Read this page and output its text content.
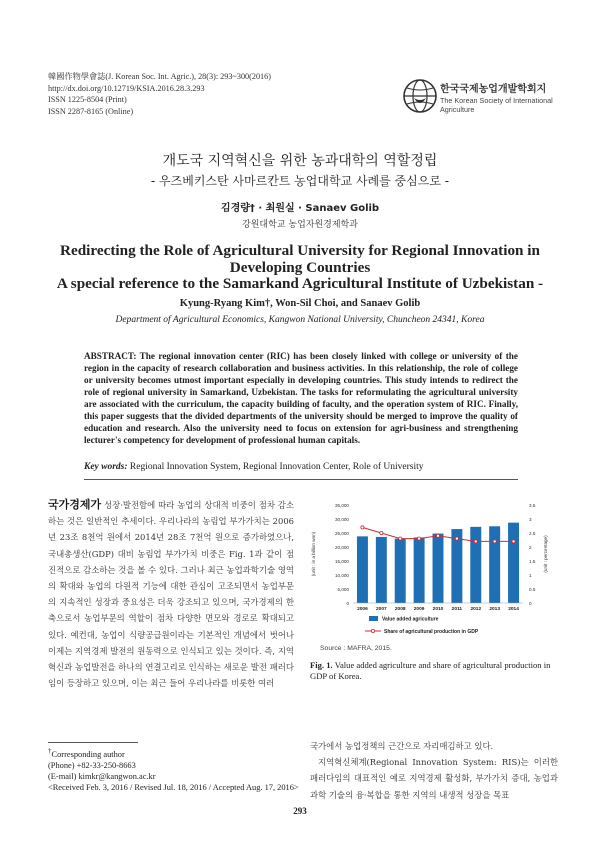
韓國作物學會誌(J. Korean Soc. Int. Agric.), 28(3): 293~300(2016)
http://dx.doi.org/10.12719/KSIA.2016.28.3.293
ISSN 1225-8504 (Print)
ISSN 2287-8165 (Online)
한국국제농업개발학회지
The Korean Society of International Agriculture
개도국 지역혁신을 위한 농과대학의 역할정립
- 우즈베키스탄 사마르칸트 농업대학교 사례를 중심으로 -
김경량† · 최원실 · Sanaev Golib
강원대학교 농업자원경제학과
Redirecting the Role of Agricultural University for Regional Innovation in Developing Countries
A special reference to the Samarkand Agricultural Institute of Uzbekistan -
Kyung-Ryang Kim†, Won-Sil Choi, and Sanaev Golib
Department of Agricultural Economics, Kangwon National University, Chuncheon 24341, Korea
ABSTRACT: The regional innovation center (RIC) has been closely linked with college or university of the region in the capacity of research collaboration and business activities. In this relationship, the role of college or university becomes utmost important especially in developing countries. This study intends to redirect the role of regional university in Samarkand, Uzbekistan. The tasks for reformulating the agricultural university are associated with the curriculum, the capacity building of faculty, and the operation system of RIC. Finally, this paper suggests that the divided departments of the university should be merged to improve the quality of education and research. Also the university need to focus on extension for agri-business and strengthening lecturer's competency for development of professional human capitals.
Key words: Regional Innovation System, Regional Innovation Center, Role of University
국가경제가 성장·발전함에 따라 농업의 상대적 비중이 점차 감소하는 것은 일반적인 추세이다. 우리나라의 농림업 부가가치는 2006년 23조 8천억 원에서 2014년 28조 7천억 원으로 증가하였으나, 국내총생산(GDP) 대비 농림업 부가가치 비중은 Fig. 1과 같이 점진적으로 감소하는 것을 볼 수 있다. 그러나 최근 농업과학기술 영역의 확대와 농업의 다원적 기능에 대한 관심이 고조되면서 농업부문의 지속적인 성장과 중요성은 더욱 강조되고 있으며, 국가경제의 한 축으로서 농업부문의 역할이 점차 다양한 면모와 경로로 확대되고 있다. 예컨대, 농업이 식량공급원이라는 기본적인 개념에서 벗어나 이제는 지역경제 발전의 원동력으로 인식되고 있는 것이다. 즉, 지역혁신과 농업발전을 하나의 연결고리로 인식하는 새로운 발전 패러다임이 등장하고 있으며, 이는 최근 들어 우리나라를 비롯한 여러
35,000
30,000
25,000
20,000
15,000
10,000
5,000
0
3.5
3
2.5
2
1.5
1
0.5
0
(unit : in a billion won)	(unit : percentage)
2006 2007 2008 2009 2010 2011 2012 2013 2014
Value added agriculture
Share of agricultural production in GDP
Source : MAFRA, 2015.
Fig. 1. Value added agriculture and share of agricultural production in GDP of Korea.
국가에서 농업정책의 근간으로 자리매김하고 있다.
지역혁신체계(Regional Innovation System: RIS)는 이러한 패러다임의 대표적인 예로 지역경제 활성화, 부가가치 증대, 농업과 과학 기술의 융·복합을 통한 지역의 내생적 성장을 목표
†Corresponding author
(Phone) +82-33-250-8663
(E-mail) kimkr@kangwon.ac.kr
<Received Feb. 3, 2016 / Revised Jul. 18, 2016 / Accepted Aug. 17, 2016>
293
